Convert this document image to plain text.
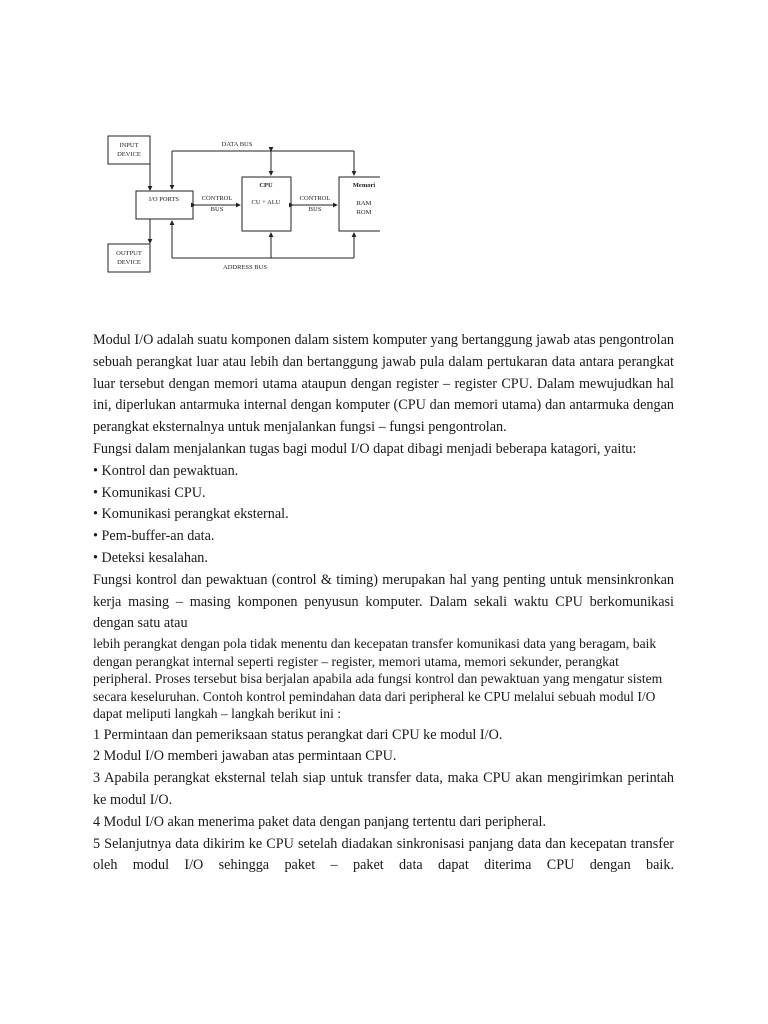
INPUT
DEVICE
I/O PORTS
OUTPUT
DEVICE
CPU
CU + ALU
Memori
RAM
ROM
CONTROL
BUS
CONTROL
BUS
DATA BUS
ADDRESS BUS

Modul I/O adalah suatu komponen dalam sistem komputer yang bertanggung jawab atas pengontrolan sebuah perangkat luar atau lebih dan bertanggung jawab pula dalam pertukaran data antara perangkat luar tersebut dengan memori utama ataupun dengan register – register CPU. Dalam mewujudkan hal ini, diperlukan antarmuka internal dengan komputer (CPU dan memori utama) dan antarmuka dengan perangkat eksternalnya untuk menjalankan fungsi – fungsi pengontrolan.

Fungsi dalam menjalankan tugas bagi modul I/O dapat dibagi menjadi beberapa katagori, yaitu:

• Kontrol dan pewaktuan.

• Komunikasi CPU.

• Komunikasi perangkat eksternal.

• Pem-buffer-an data.

• Deteksi kesalahan.

Fungsi kontrol dan pewaktuan (control & timing) merupakan hal yang penting untuk mensinkronkan kerja masing – masing komponen penyusun komputer. Dalam sekali waktu CPU berkomunikasi dengan satu atau

lebih perangkat dengan pola tidak menentu dan kecepatan transfer komunikasi data yang beragam, baik dengan perangkat internal seperti register – register, memori utama, memori sekunder, perangkat peripheral. Proses tersebut bisa berjalan apabila ada fungsi kontrol dan pewaktuan yang mengatur sistem secara keseluruhan. Contoh kontrol pemindahan data dari peripheral ke CPU melalui sebuah modul I/O dapat meliputi langkah – langkah berikut ini :

1 Permintaan dan pemeriksaan status perangkat dari CPU ke modul I/O.

2 Modul I/O memberi jawaban atas permintaan CPU.

3 Apabila perangkat eksternal telah siap untuk transfer data, maka CPU akan mengirimkan perintah ke modul I/O.

4 Modul I/O akan menerima paket data dengan panjang tertentu dari peripheral.

5 Selanjutnya data dikirim ke CPU setelah diadakan sinkronisasi panjang data dan kecepatan transfer oleh modul I/O sehingga paket – paket data dapat diterima CPU dengan baik.
